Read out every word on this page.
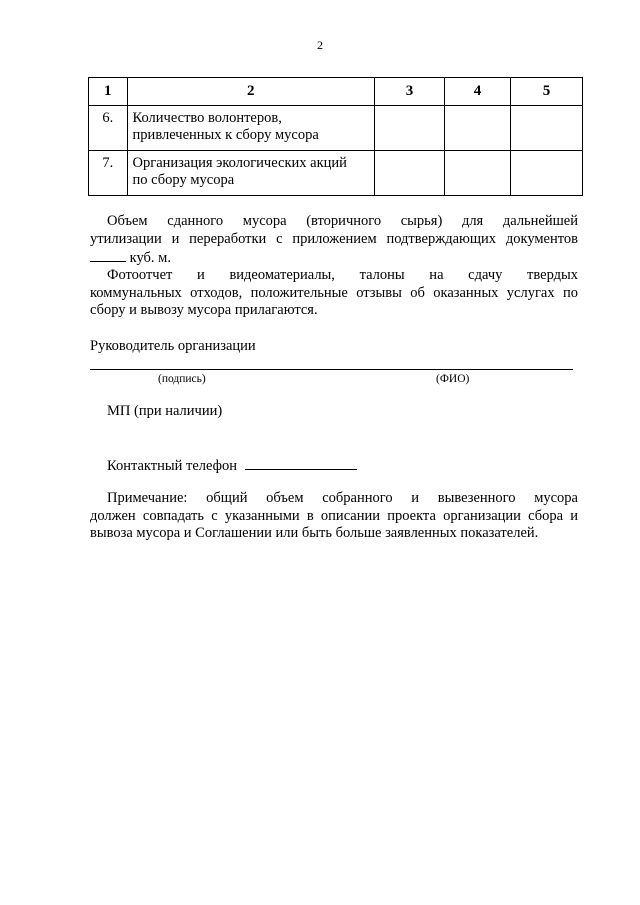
2
1	2	3	4	5
6.	Количество волонтеров,
привлеченных к сбору мусора			

7.	Организация экологических акций
по сбору мусора			

Объем сданного мусора (вторичного сырья) для дальнейшей
утилизации и переработки с приложением подтверждающих документов
куб. м.
Фотоотчет и видеоматериалы, талоны на сдачу твердых
коммунальных отходов, положительные отзывы об оказанных услугах по
сбору и вывозу мусора прилагаются.
Руководитель организации
(подпись)	(ФИО)
МП (при наличии)
Контактный телефон
Примечание: общий объем собранного и вывезенного мусора
должен совпадать с указанными в описании проекта организации сбора и
вывоза мусора и Соглашении или быть больше заявленных показателей.
